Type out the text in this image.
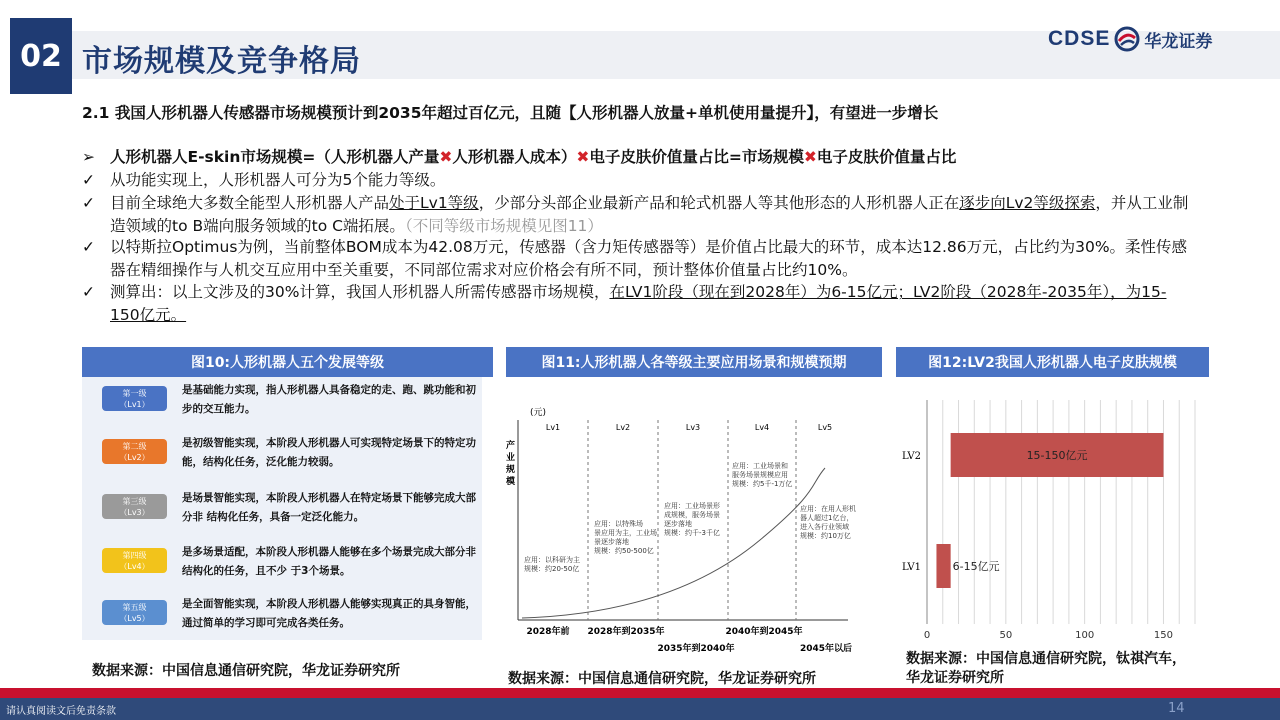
02 市场规模及竞争格局
CDSE 华龙证券
2.1 我国人形机器人传感器市场规模预计到2035年超过百亿元，且随【人形机器人放量+单机使用量提升】，有望进一步增长
➢ 人形机器人E-skin市场规模=（人形机器人产量✖人形机器人成本）✖电子皮肤价值量占比=市场规模✖电子皮肤价值量占比
✓ 从功能实现上，人形机器人可分为5个能力等级。
✓ 目前全球绝大多数全能型人形机器人产品处于Lv1等级，少部分头部企业最新产品和轮式机器人等其他形态的人形机器人正在逐步向Lv2等级探索，并从工业制造领域的to B端向服务领域的to C端拓展。（不同等级市场规模见图11）
✓ 以特斯拉Optimus为例，当前整体BOM成本为42.08万元，传感器（含力矩传感器等）是价值占比最大的环节，成本达12.86万元，占比约为30%。柔性传感器在精细操作与人机交互应用中至关重要，不同部位需求对应价格会有所不同，预计整体价值量占比约10%。
✓ 测算出：以上文涉及的30%计算，我国人形机器人所需传感器市场规模，在LV1阶段（现在到2028年）为6-15亿元；LV2阶段（2028年-2035年），为15-150亿元。
图10:人形机器人五个发展等级
第一级
（Lv1）
是基础能力实现，指人形机器人具备稳定的走、跑、跳功能和初步的交互能力。
第二级
（Lv2）
是初级智能实现，本阶段人形机器人可实现特定场景下的特定功能，结构化任务，泛化能力较弱。
第三级
（Lv3）
是场景智能实现，本阶段人形机器人在特定场景下能够完成大部分非 结构化任务，具备一定泛化能力。
第四级
（Lv4）
是多场景适配，本阶段人形机器人能够在多个场景完成大部分非结构化的任务，且不少 于3个场景。
第五级
（Lv5）
是全面智能实现，本阶段人形机器人能够实现真正的具身智能，通过简单的学习即可完成各类任务。
数据来源：中国信息通信研究院，华龙证券研究所
图11:人形机器人各等级主要应用场景和规模预期
(元)
产业规模
Lv1	Lv2	Lv3	Lv4	Lv5
应用：以科研为主规模：约20-50亿
应用：以特殊场景应用为主，工业场景逐步落地规模：约50-500亿
应用：工业场景形成规模，服务场景逐步落地规模：约千-3千亿
应用：工业场景和服务场景规模应用规模：约5千-1万亿
应用：在用人形机器人超过1亿台，进入各行业领域规模：约10万亿
2028年前 2028年到2035年	2040年到2045年
2035年到2040年	2045年以后
数据来源：中国信息通信研究院，华龙证券研究所
图12:LV2我国人形机器人电子皮肤规模
0	50	100	150
LV1	6-15亿元
LV2	15-150亿元
数据来源：中国信息通信研究院，钛祺汽车，
华龙证券研究所
请认真阅读文后免责条款	14
